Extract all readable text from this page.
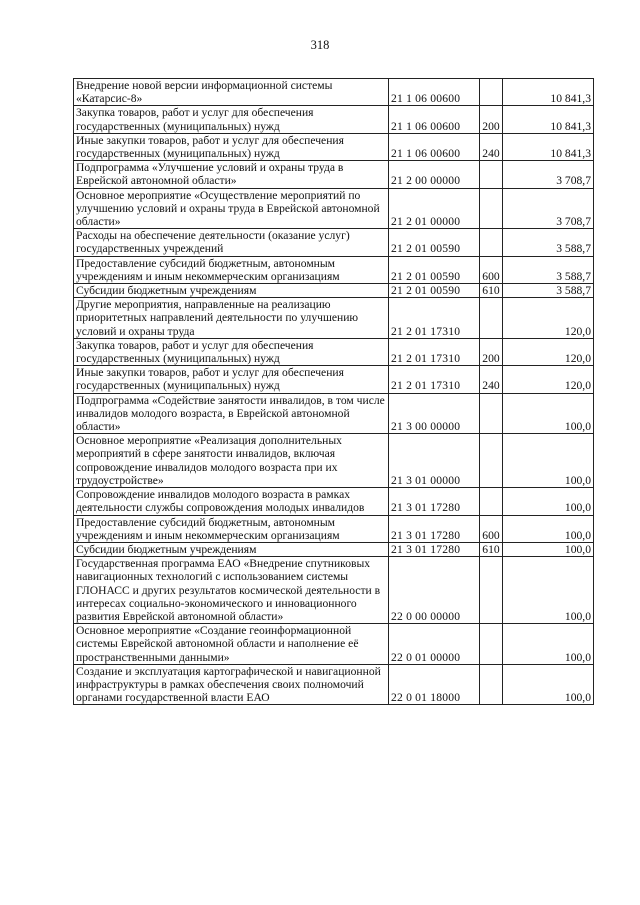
318
Внедрение новой версии информационной системы «Катарсис-8»	21 1 06 00600		10 841,3
Закупка товаров, работ и услуг для обеспечения государственных (муниципальных) нужд	21 1 06 00600	200	10 841,3
Иные закупки товаров, работ и услуг для обеспечения государственных (муниципальных) нужд	21 1 06 00600	240	10 841,3
Подпрограмма «Улучшение условий и охраны труда в Еврейской автономной области»	21 2 00 00000		3 708,7
Основное мероприятие «Осуществление мероприятий по улучшению условий и охраны труда в Еврейской автономной области»	21 2 01 00000		3 708,7
Расходы на обеспечение деятельности (оказание услуг) государственных учреждений	21 2 01 00590		3 588,7
Предоставление субсидий бюджетным, автономным учреждениям и иным некоммерческим организациям	21 2 01 00590	600	3 588,7
Субсидии бюджетным учреждениям	21 2 01 00590	610	3 588,7
Другие мероприятия, направленные на реализацию приоритетных направлений деятельности по улучшению условий и охраны труда	21 2 01 17310		120,0
Закупка товаров, работ и услуг для обеспечения государственных (муниципальных) нужд	21 2 01 17310	200	120,0
Иные закупки товаров, работ и услуг для обеспечения государственных (муниципальных) нужд	21 2 01 17310	240	120,0
Подпрограмма «Содействие занятости инвалидов, в том числе инвалидов молодого возраста, в Еврейской автономной области»	21 3 00 00000		100,0
Основное мероприятие «Реализация дополнительных мероприятий в сфере занятости инвалидов, включая сопровождение инвалидов молодого возраста при их трудоустройстве»	21 3 01 00000		100,0
Сопровождение инвалидов молодого возраста в рамках деятельности службы сопровождения молодых инвалидов	21 3 01 17280		100,0
Предоставление субсидий бюджетным, автономным учреждениям и иным некоммерческим организациям	21 3 01 17280	600	100,0
Субсидии бюджетным учреждениям	21 3 01 17280	610	100,0
Государственная программа ЕАО «Внедрение спутниковых навигационных технологий с использованием системы ГЛОНАСС и других результатов космической деятельности в интересах социально-экономического и инновационного развития Еврейской автономной области»	22 0 00 00000		100,0
Основное мероприятие «Создание геоинформационной системы Еврейской автономной области и наполнение её пространственными данными»	22 0 01 00000		100,0
Создание и эксплуатация картографической и навигационной инфраструктуры в рамках обеспечения своих полномочий органами государственной власти ЕАО	22 0 01 18000		100,0
